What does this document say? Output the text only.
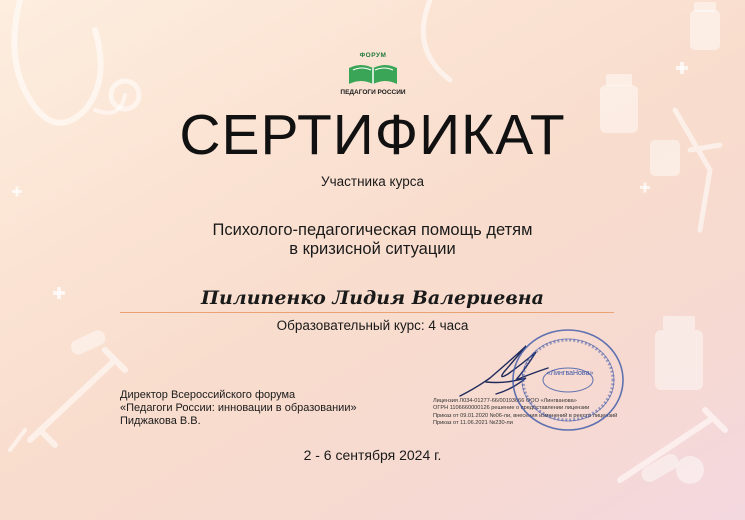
ФОРУМ
ПЕДАГОГИ РОССИИ
СЕРТИФИКАТ
Участника курса
Психолого-педагогическая помощь детям
в кризисной ситуации
Пилипенко Лидия Валериевна
Образовательный курс: 4 часа
Директор Всероссийского форума
«Педагоги России: инновации в образовании»
Пиджакова В.В.
Лицензия Л034-01277-66/00193666 ООО «Лингванова»
ОГРН 1106660000126 решение о предоставлении лицензии
Приказ от 09.01.2020 №06-ли, внесения изменений в реестр лицензий
Приказ от 11.06.2021 №230-ли
«ЛингваНова»
2 - 6 сентября 2024 г.
